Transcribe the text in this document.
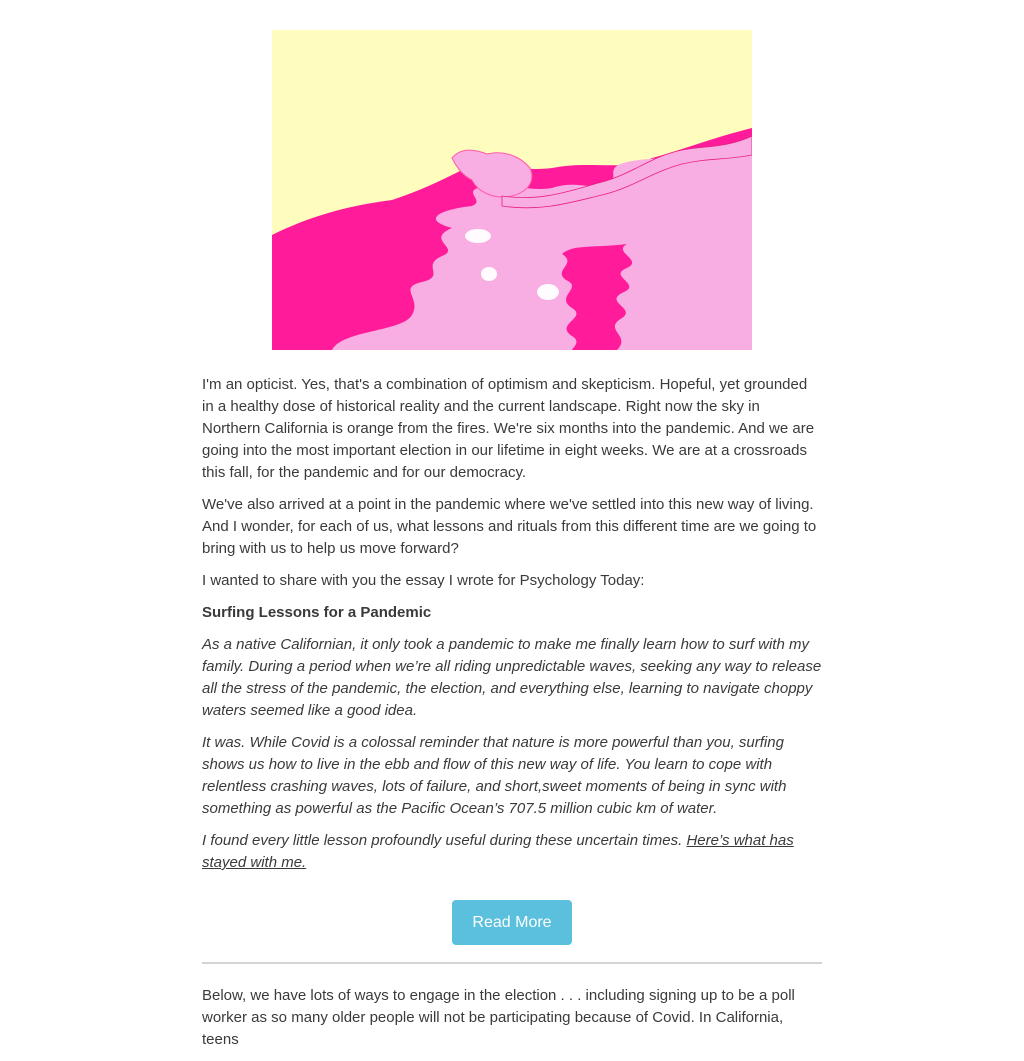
I'm an opticist. Yes, that's a combination of optimism and skepticism. Hopeful, yet grounded in a healthy dose of historical reality and the current landscape. Right now the sky in Northern California is orange from the fires. We're six months into the pandemic. And we are going into the most important election in our lifetime in eight weeks. We are at a crossroads this fall, for the pandemic and for our democracy.

We've also arrived at a point in the pandemic where we've settled into this new way of living. And I wonder, for each of us, what lessons and rituals from this different time are we going to bring with us to help us move forward?

I wanted to share with you the essay I wrote for Psychology Today:

Surfing Lessons for a Pandemic

As a native Californian, it only took a pandemic to make me finally learn how to surf with my family. During a period when we’re all riding unpredictable waves, seeking any way to release all the stress of the pandemic, the election, and everything else, learning to navigate choppy waters seemed like a good idea.

It was. While Covid is a colossal reminder that nature is more powerful than you, surfing shows us how to live in the ebb and flow of this new way of life. You learn to cope with relentless crashing waves, lots of failure, and short,sweet moments of being in sync with something as powerful as the Pacific Ocean’s 707.5 million cubic km of water.

I found every little lesson profoundly useful during these uncertain times. Here’s what has stayed with me.

Read More

Below, we have lots of ways to engage in the election . . . including signing up to be a poll worker as so many older people will not be participating because of Covid. In California, teens
